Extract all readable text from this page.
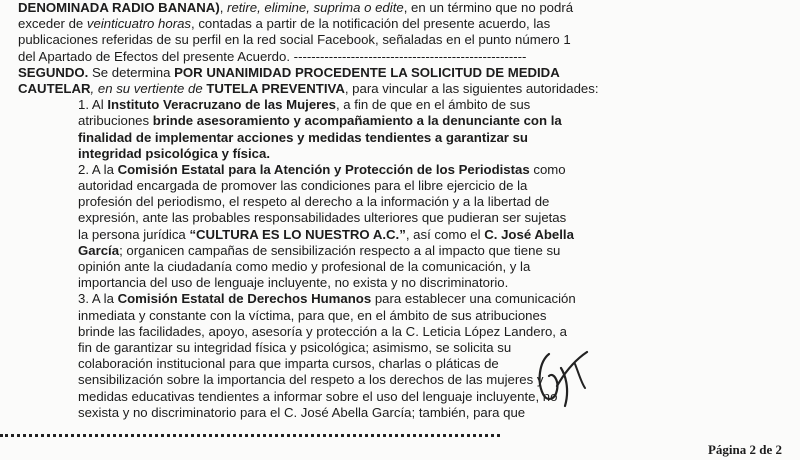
DENOMINADA RADIO BANANA), retire, elimine, suprima o edite, en un término que no podrá
exceder de veinticuatro horas, contadas a partir de la notificación del presente acuerdo, las
publicaciones referidas de su perfil en la red social Facebook, señaladas en el punto número 1
del Apartado de Efectos del presente Acuerdo. -----------------------------------------------------
SEGUNDO. Se determina POR UNANIMIDAD PROCEDENTE LA SOLICITUD DE MEDIDA
CAUTELAR, en su vertiente de TUTELA PREVENTIVA, para vincular a las siguientes autoridades:
1. Al Instituto Veracruzano de las Mujeres, a fin de que en el ámbito de sus
atribuciones brinde asesoramiento y acompañamiento a la denunciante con la
finalidad de implementar acciones y medidas tendientes a garantizar su
integridad psicológica y física.
2. A la Comisión Estatal para la Atención y Protección de los Periodistas como
autoridad encargada de promover las condiciones para el libre ejercicio de la
profesión del periodismo, el respeto al derecho a la información y a la libertad de
expresión, ante las probables responsabilidades ulteriores que pudieran ser sujetas
la persona jurídica “CULTURA ES LO NUESTRO A.C.”, así como el C. José Abella
García; organicen campañas de sensibilización respecto a al impacto que tiene su
opinión ante la ciudadanía como medio y profesional de la comunicación, y la
importancia del uso de lenguaje incluyente, no exista y no discriminatorio.
3. A la Comisión Estatal de Derechos Humanos para establecer una comunicación
inmediata y constante con la víctima, para que, en el ámbito de sus atribuciones
brinde las facilidades, apoyo, asesoría y protección a la C. Leticia López Landero, a
fin de garantizar su integridad física y psicológica; asimismo, se solicita su
colaboración institucional para que imparta cursos, charlas o pláticas de
sensibilización sobre la importancia del respeto a los derechos de las mujeres y
medidas educativas tendientes a informar sobre el uso del lenguaje incluyente, no
sexista y no discriminatorio para el C. José Abella García; también, para que
Página 2 de 2
